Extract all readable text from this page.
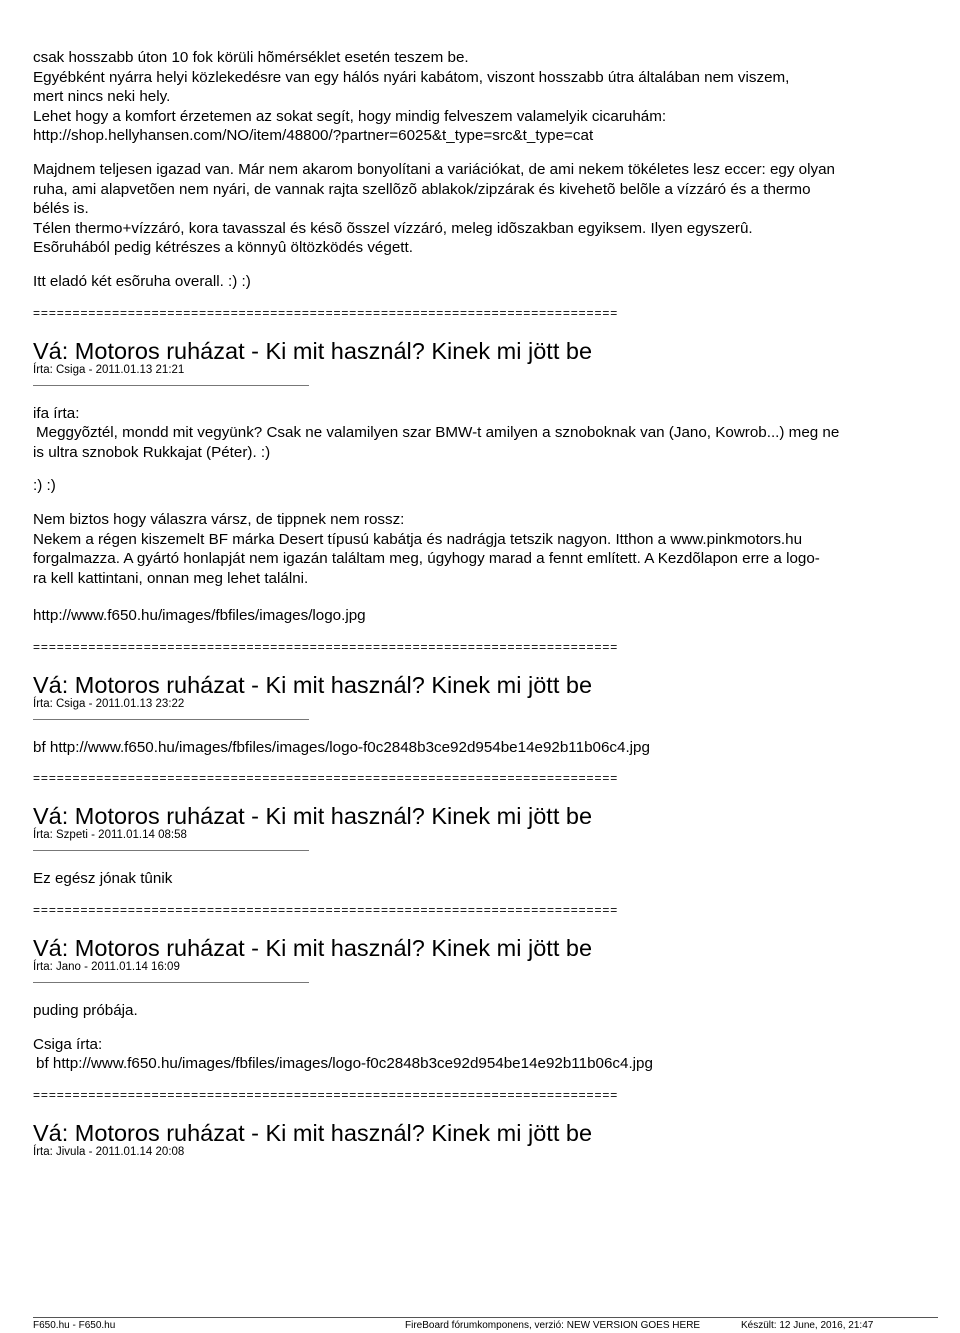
csak hosszabb úton 10 fok körüli hõmérséklet esetén teszem be.

Egyébként nyárra helyi közlekedésre van egy hálós nyári kabátom, viszont hosszabb útra általában nem viszem,

mert nincs neki hely.

Lehet hogy a komfort érzetemen az sokat segít, hogy mindig felveszem valamelyik cicaruhám:

http://shop.hellyhansen.com/NO/item/48800/?partner=6025&t_type=src&t_type=cat

Majdnem teljesen igazad van. Már nem akarom bonyolítani a variációkat, de ami nekem tökéletes lesz eccer: egy olyan

ruha, ami alapvetõen nem nyári, de vannak rajta szellõzõ ablakok/zipzárak és kivehetõ belõle a vízzáró és a thermo

bélés is.

Télen thermo+vízzáró, kora tavasszal és késõ õsszel vízzáró, meleg idõszakban egyiksem. Ilyen egyszerû.

Esõruhából pedig kétrészes a könnyû öltözködés végett.

Itt eladó két esõruha overall. :) :)

==========================================================================

Vá: Motoros ruházat - Ki mit használ? Kinek mi jött be

Írta: Csiga - 2011.01.13 21:21

ifa írta:

Meggyõztél, mondd mit vegyünk? Csak ne valamilyen szar BMW-t amilyen a sznoboknak van (Jano, Kowrob...) meg ne

is ultra sznobok Rukkajat (Péter). :)

:) :)

Nem biztos hogy válaszra vársz, de tippnek nem rossz:

Nekem a régen kiszemelt BF márka Desert típusú kabátja és nadrágja tetszik nagyon. Itthon a www.pinkmotors.hu

forgalmazza. A gyártó honlapját nem igazán találtam meg, úgyhogy marad a fennt említett. A Kezdõlapon erre a logo-

ra kell kattintani, onnan meg lehet találni.

http://www.f650.hu/images/fbfiles/images/logo.jpg

==========================================================================

Vá: Motoros ruházat - Ki mit használ? Kinek mi jött be

Írta: Csiga - 2011.01.13 23:22

bf http://www.f650.hu/images/fbfiles/images/logo-f0c2848b3ce92d954be14e92b11b06c4.jpg

==========================================================================

Vá: Motoros ruházat - Ki mit használ? Kinek mi jött be

Írta: Szpeti - 2011.01.14 08:58

Ez egész jónak tûnik

==========================================================================

Vá: Motoros ruházat - Ki mit használ? Kinek mi jött be

Írta: Jano - 2011.01.14 16:09

puding próbája.

Csiga írta:

bf http://www.f650.hu/images/fbfiles/images/logo-f0c2848b3ce92d954be14e92b11b06c4.jpg

==========================================================================

Vá: Motoros ruházat - Ki mit használ? Kinek mi jött be

Írta: Jivula - 2011.01.14 20:08

F650.hu - F650.hu	FireBoard fórumkomponens, verzió: NEW VERSION GOES HERE	Készült: 12 June, 2016, 21:47
